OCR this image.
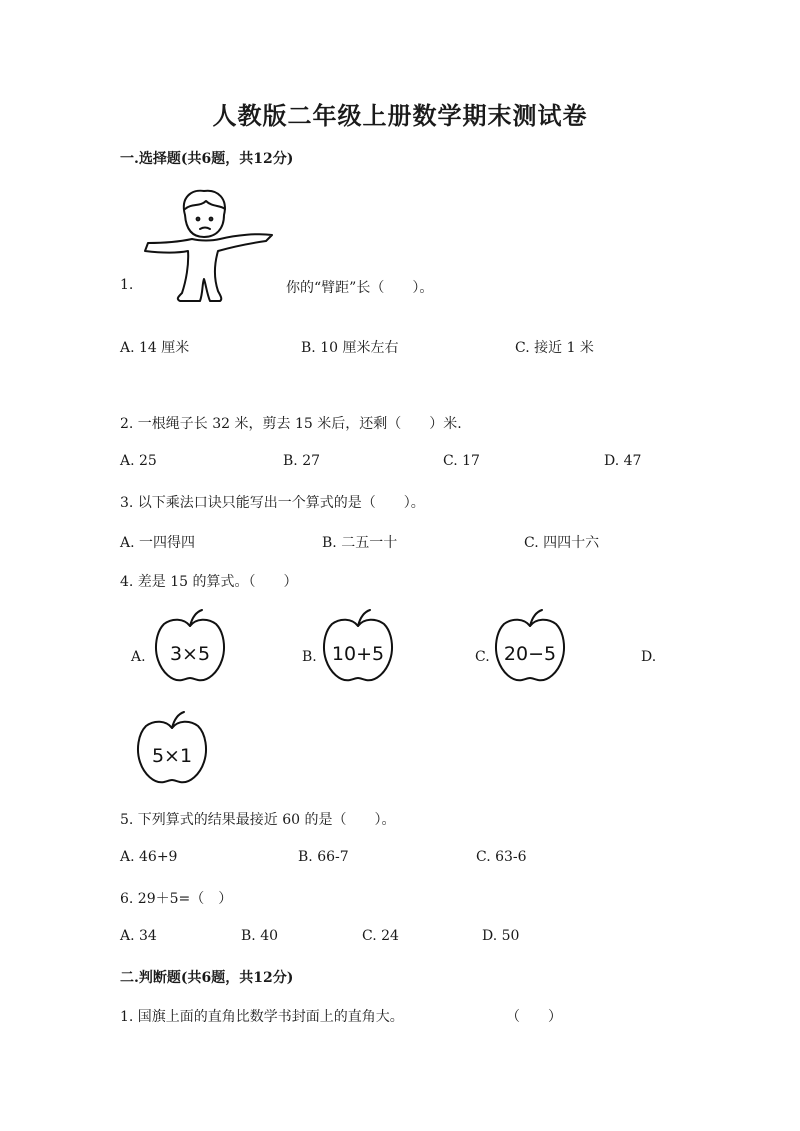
人教版二年级上册数学期末测试卷
一.选择题(共6题，共12分)
1.	你的“臂距”长（　　）。
A. 14 厘米	B. 10 厘米左右	C. 接近 1 米
2. 一根绳子长 32 米，剪去 15 米后，还剩（　　）米.
A. 25	B. 27	C. 17	D. 47
3. 以下乘法口诀只能写出一个算式的是（　　）。
A. 一四得四	B. 二五一十	C. 四四十六
4. 差是 15 的算式。（　　）
A. 3×5	B. 10+5	C. 20−5	D.
5×1
5. 下列算式的结果最接近 60 的是（　　）。
A. 46+9	B. 66-7	C. 63-6
6. 29＋5=（　）
A. 34	B. 40	C. 24	D. 50
二.判断题(共6题，共12分)
1. 国旗上面的直角比数学书封面上的直角大。	（　　）
